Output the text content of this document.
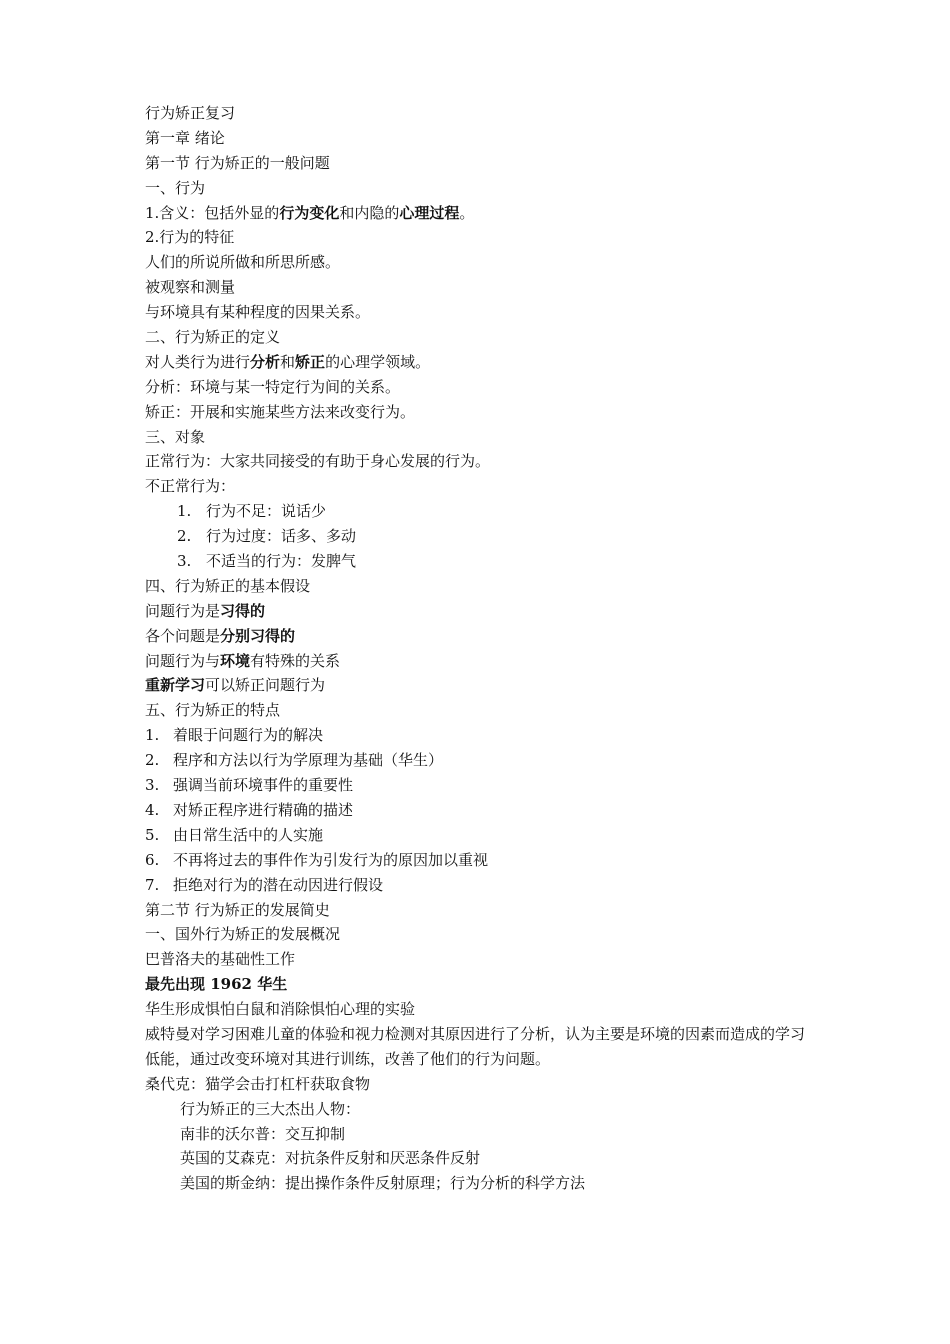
行为矫正复习
第一章 绪论
第一节 行为矫正的一般问题
一、行为
1.含义：包括外显的行为变化和内隐的心理过程。
2.行为的特征
人们的所说所做和所思所感。
被观察和测量
与环境具有某种程度的因果关系。
二、行为矫正的定义
对人类行为进行分析和矫正的心理学领域。
分析：环境与某一特定行为间的关系。
矫正：开展和实施某些方法来改变行为。
三、对象
正常行为：大家共同接受的有助于身心发展的行为。
不正常行为：
1. 行为不足：说话少
2. 行为过度：话多、多动
3. 不适当的行为：发脾气
四、行为矫正的基本假设
问题行为是习得的
各个问题是分别习得的
问题行为与环境有特殊的关系
重新学习可以矫正问题行为
五、行为矫正的特点
1. 着眼于问题行为的解决
2. 程序和方法以行为学原理为基础（华生）
3. 强调当前环境事件的重要性
4. 对矫正程序进行精确的描述
5. 由日常生活中的人实施
6. 不再将过去的事件作为引发行为的原因加以重视
7. 拒绝对行为的潜在动因进行假设
第二节 行为矫正的发展简史
一、国外行为矫正的发展概况
巴普洛夫的基础性工作
最先出现 1962 华生
华生形成惧怕白鼠和消除惧怕心理的实验
威特曼对学习困难儿童的体验和视力检测对其原因进行了分析，认为主要是环境的因素而造成的学习低能，通过改变环境对其进行训练，改善了他们的行为问题。
桑代克：猫学会击打杠杆获取食物
行为矫正的三大杰出人物：
南非的沃尔普：交互抑制
英国的艾森克：对抗条件反射和厌恶条件反射
美国的斯金纳：提出操作条件反射原理；行为分析的科学方法
